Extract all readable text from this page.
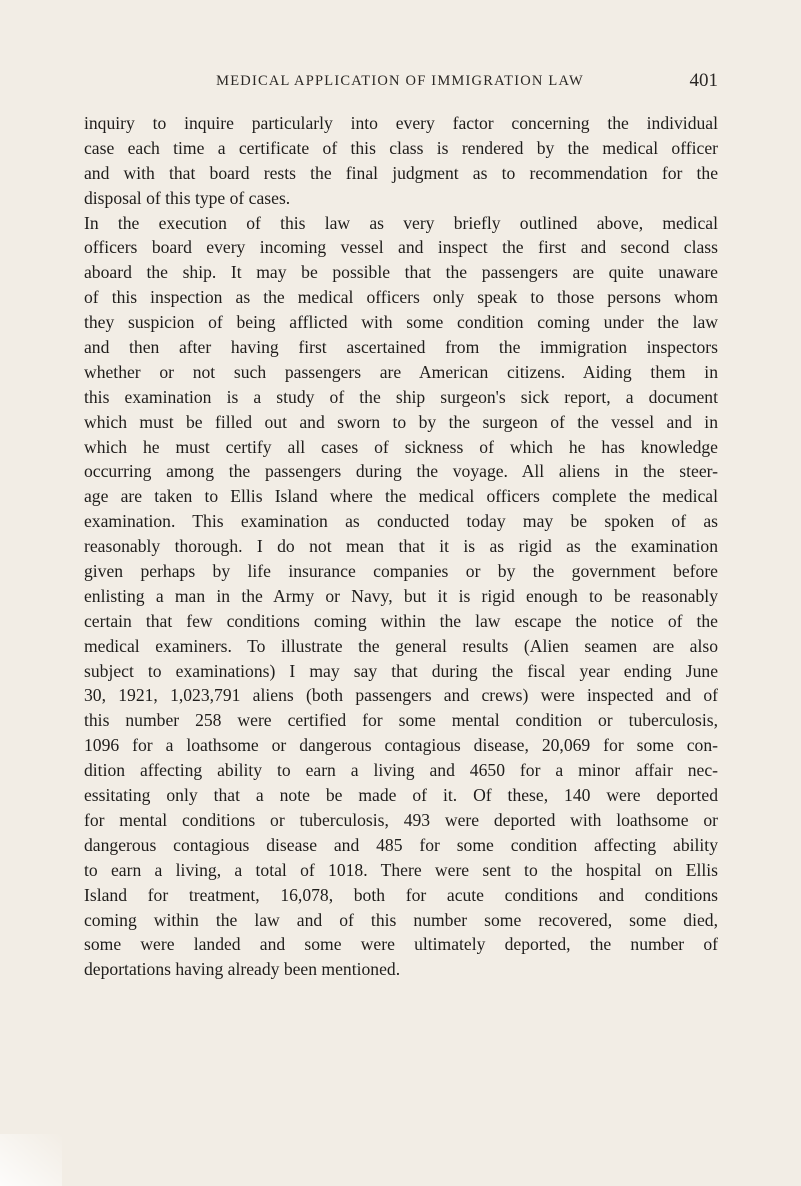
MEDICAL APPLICATION OF IMMIGRATION LAW	401
inquiry to inquire particularly into every factor concerning the individual
case each time a certificate of this class is rendered by the medical officer
and with that board rests the final judgment as to recommendation for the
disposal of this type of cases.
In the execution of this law as very briefly outlined above, medical
officers board every incoming vessel and inspect the first and second class
aboard the ship. It may be possible that the passengers are quite unaware
of this inspection as the medical officers only speak to those persons whom
they suspicion of being afflicted with some condition coming under the law
and then after having first ascertained from the immigration inspectors
whether or not such passengers are American citizens. Aiding them in
this examination is a study of the ship surgeon's sick report, a document
which must be filled out and sworn to by the surgeon of the vessel and in
which he must certify all cases of sickness of which he has knowledge
occurring among the passengers during the voyage. All aliens in the steer-
age are taken to Ellis Island where the medical officers complete the medical
examination. This examination as conducted today may be spoken of as
reasonably thorough. I do not mean that it is as rigid as the examination
given perhaps by life insurance companies or by the government before
enlisting a man in the Army or Navy, but it is rigid enough to be reasonably
certain that few conditions coming within the law escape the notice of the
medical examiners. To illustrate the general results (Alien seamen are also
subject to examinations) I may say that during the fiscal year ending June
30, 1921, 1,023,791 aliens (both passengers and crews) were inspected and of
this number 258 were certified for some mental condition or tuberculosis,
1096 for a loathsome or dangerous contagious disease, 20,069 for some con-
dition affecting ability to earn a living and 4650 for a minor affair nec-
essitating only that a note be made of it. Of these, 140 were deported
for mental conditions or tuberculosis, 493 were deported with loathsome or
dangerous contagious disease and 485 for some condition affecting ability
to earn a living, a total of 1018. There were sent to the hospital on Ellis
Island for treatment, 16,078, both for acute conditions and conditions
coming within the law and of this number some recovered, some died,
some were landed and some were ultimately deported, the number of
deportations having already been mentioned.
